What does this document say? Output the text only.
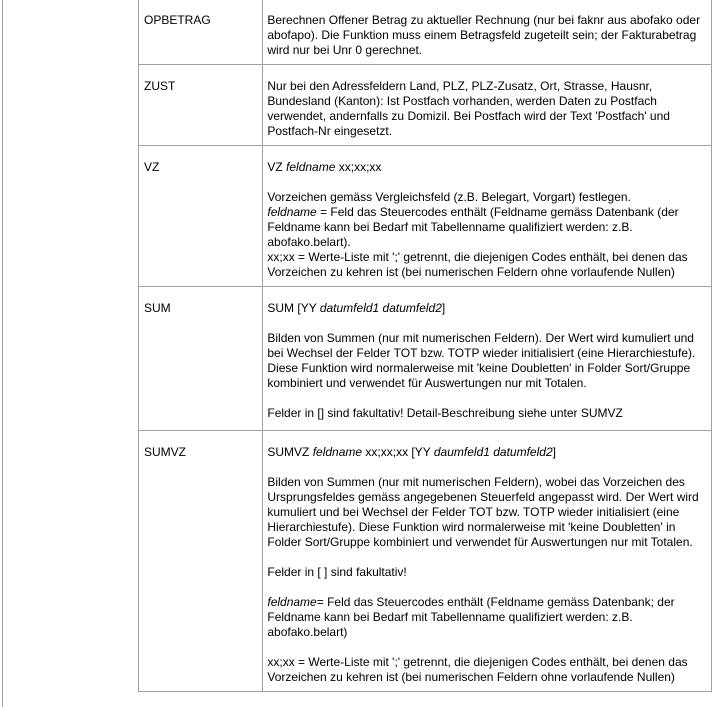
OPBETRAG	Berechnen Offener Betrag zu aktueller Rechnung (nur bei faknr aus abofako oder abofapo). Die Funktion muss einem Betragsfeld zugeteilt sein; der Fakturabetrag wird nur bei Unr 0 gerechnet.

ZUST	Nur bei den Adressfeldern Land, PLZ, PLZ-Zusatz, Ort, Strasse, Hausnr, Bundesland (Kanton): Ist Postfach vorhanden, werden Daten zu Postfach verwendet, andernfalls zu Domizil. Bei Postfach wird der Text 'Postfach' und Postfach-Nr eingesetzt.

VZ	VZ feldname xx;xx;xx
Vorzeichen gemäss Vergleichsfeld (z.B. Belegart, Vorgart) festlegen.
feldname = Feld das Steuercodes enthält (Feldname gemäss Datenbank (der Feldname kann bei Bedarf mit Tabellenname qualifiziert werden: z.B. abofako.belart).
xx;xx = Werte-Liste mit ';' getrennt, die diejenigen Codes enthält, bei denen das Vorzeichen zu kehren ist (bei numerischen Feldern ohne vorlaufende Nullen)

SUM	SUM [YY datumfeld1 datumfeld2]
Bilden von Summen (nur mit numerischen Feldern). Der Wert wird kumuliert und bei Wechsel der Felder TOT bzw. TOTP wieder initialisiert (eine Hierarchiestufe). Diese Funktion wird normalerweise mit 'keine Doubletten' in Folder Sort/Gruppe kombiniert und verwendet für Auswertungen nur mit Totalen.
Felder in [] sind fakultativ! Detail-Beschreibung siehe unter SUMVZ

SUMVZ	SUMVZ feldname xx;xx;xx [YY daumfeld1 datumfeld2]
Bilden von Summen (nur mit numerischen Feldern), wobei das Vorzeichen des Ursprungsfeldes gemäss angegebenen Steuerfeld angepasst wird. Der Wert wird kumuliert und bei Wechsel der Felder TOT bzw. TOTP wieder initialisiert (eine Hierarchiestufe). Diese Funktion wird normalerweise mit 'keine Doubletten' in Folder Sort/Gruppe kombiniert und verwendet für Auswertungen nur mit Totalen.
Felder in [ ] sind fakultativ!
feldname= Feld das Steuercodes enthält (Feldname gemäss Datenbank; der Feldname kann bei Bedarf mit Tabellenname qualifiziert werden: z.B. abofako.belart)
xx;xx = Werte-Liste mit ';' getrennt, die diejenigen Codes enthält, bei denen das Vorzeichen zu kehren ist (bei numerischen Feldern ohne vorlaufende Nullen)
